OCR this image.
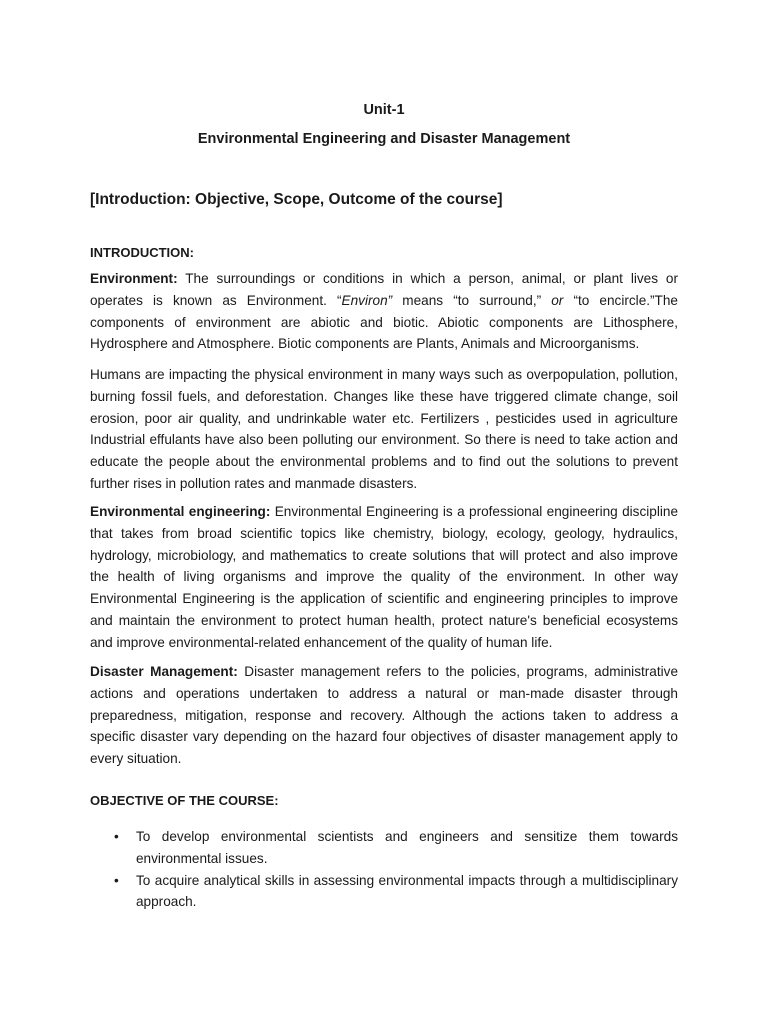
Unit-1
Environmental Engineering and Disaster Management
[Introduction: Objective, Scope, Outcome of the course]
INTRODUCTION:
Environment: The surroundings or conditions in which a person, animal, or plant lives or operates is known as Environment. “Environ” means “to surround,” or “to encircle.”The components of environment are abiotic and biotic. Abiotic components are Lithosphere, Hydrosphere and Atmosphere. Biotic components are Plants, Animals and Microorganisms.
Humans are impacting the physical environment in many ways such as overpopulation, pollution, burning fossil fuels, and deforestation. Changes like these have triggered climate change, soil erosion, poor air quality, and undrinkable water etc. Fertilizers , pesticides used in agriculture Industrial effulants have also been polluting our environment. So there is need to take action and educate the people about the environmental problems and to find out the solutions to prevent further rises in pollution rates and manmade disasters.
Environmental engineering: Environmental Engineering is a professional engineering discipline that takes from broad scientific topics like chemistry, biology, ecology, geology, hydraulics, hydrology, microbiology, and mathematics to create solutions that will protect and also improve the health of living organisms and improve the quality of the environment. In other way Environmental Engineering is the application of scientific and engineering principles to improve and maintain the environment to protect human health, protect nature's beneficial ecosystems and improve environmental-related enhancement of the quality of human life.
Disaster Management: Disaster management refers to the policies, programs, administrative actions and operations undertaken to address a natural or man-made disaster through preparedness, mitigation, response and recovery. Although the actions taken to address a specific disaster vary depending on the hazard four objectives of disaster management apply to every situation.
OBJECTIVE OF THE COURSE:
• To develop environmental scientists and engineers and sensitize them towards environmental issues.
• To acquire analytical skills in assessing environmental impacts through a multidisciplinary approach.
